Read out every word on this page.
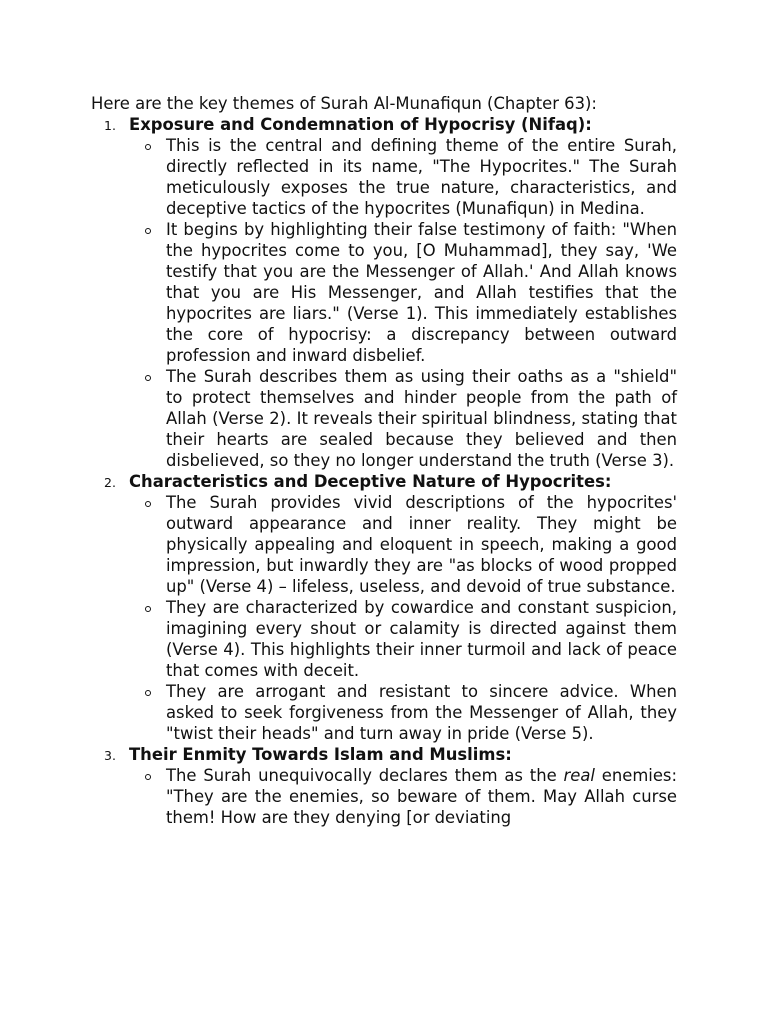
Here are the key themes of Surah Al-Munafiqun (Chapter 63):

1. Exposure and Condemnation of Hypocrisy (Nifaq):
This is the central and defining theme of the entire Surah, directly reflected in its name, "The Hypocrites." The Surah meticulously exposes the true nature, characteristics, and deceptive tactics of the hypocrites (Munafiqun) in Medina.
It begins by highlighting their false testimony of faith: "When the hypocrites come to you, [O Muhammad], they say, 'We testify that you are the Messenger of Allah.' And Allah knows that you are His Messenger, and Allah testifies that the hypocrites are liars." (Verse 1). This immediately establishes the core of hypocrisy: a discrepancy between outward profession and inward disbelief.
The Surah describes them as using their oaths as a "shield" to protect themselves and hinder people from the path of Allah (Verse 2). It reveals their spiritual blindness, stating that their hearts are sealed because they believed and then disbelieved, so they no longer understand the truth (Verse 3).
2. Characteristics and Deceptive Nature of Hypocrites:
The Surah provides vivid descriptions of the hypocrites' outward appearance and inner reality. They might be physically appealing and eloquent in speech, making a good impression, but inwardly they are "as blocks of wood propped up" (Verse 4) – lifeless, useless, and devoid of true substance.
They are characterized by cowardice and constant suspicion, imagining every shout or calamity is directed against them (Verse 4). This highlights their inner turmoil and lack of peace that comes with deceit.
They are arrogant and resistant to sincere advice. When asked to seek forgiveness from the Messenger of Allah, they "twist their heads" and turn away in pride (Verse 5).
3. Their Enmity Towards Islam and Muslims:
The Surah unequivocally declares them as the real enemies: "They are the enemies, so beware of them. May Allah curse them! How are they denying [or deviating
